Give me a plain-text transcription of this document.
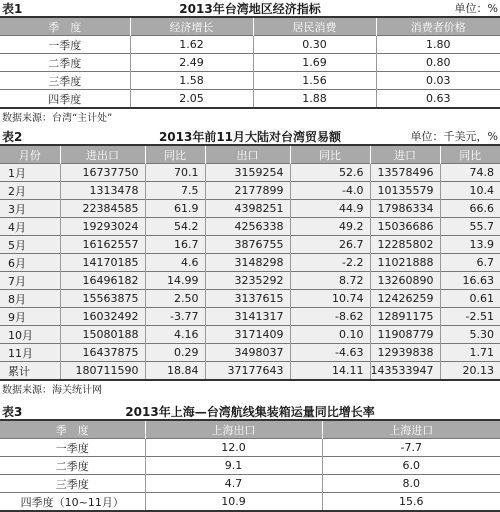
表1	2013年台湾地区经济指标	单位：%
季　度	经济增长	居民消费	消费者价格
一季度	1.62	0.30	1.80
二季度	2.49	1.69	0.80
三季度	1.58	1.56	0.03
四季度	2.05	1.88	0.63
数据来源：台湾“主计处”
表2	2013年前11月大陆对台湾贸易额	单位：千美元，%
月份	进出口	同比	出口	同比	进口	同比
1月	16737750	70.1	3159254	52.6	13578496	74.8
2月	1313478	7.5	2177899	-4.0	10135579	10.4
3月	22384585	61.9	4398251	44.9	17986334	66.6
4月	19293024	54.2	4256338	49.2	15036686	55.7
5月	16162557	16.7	3876755	26.7	12285802	13.9
6月	14170185	4.6	3148298	-2.2	11021888	6.7
7月	16496182	14.99	3235292	8.72	13260890	16.63
8月	15563875	2.50	3137615	10.74	12426259	0.61
9月	16032492	-3.77	3141317	-8.62	12891175	-2.51
10月	15080188	4.16	3171409	0.10	11908779	5.30
11月	16437875	0.29	3498037	-4.63	12939838	1.71
累计	180711590	18.84	37177643	14.11	143533947	20.13
数据来源：海关统计网
表3	2013年上海—台湾航线集装箱运量同比增长率
季　度	上海出口	上海进口
一季度	12.0	-7.7
二季度	9.1	6.0
三季度	4.7	8.0
四季度（10~11月）	10.9	15.6
